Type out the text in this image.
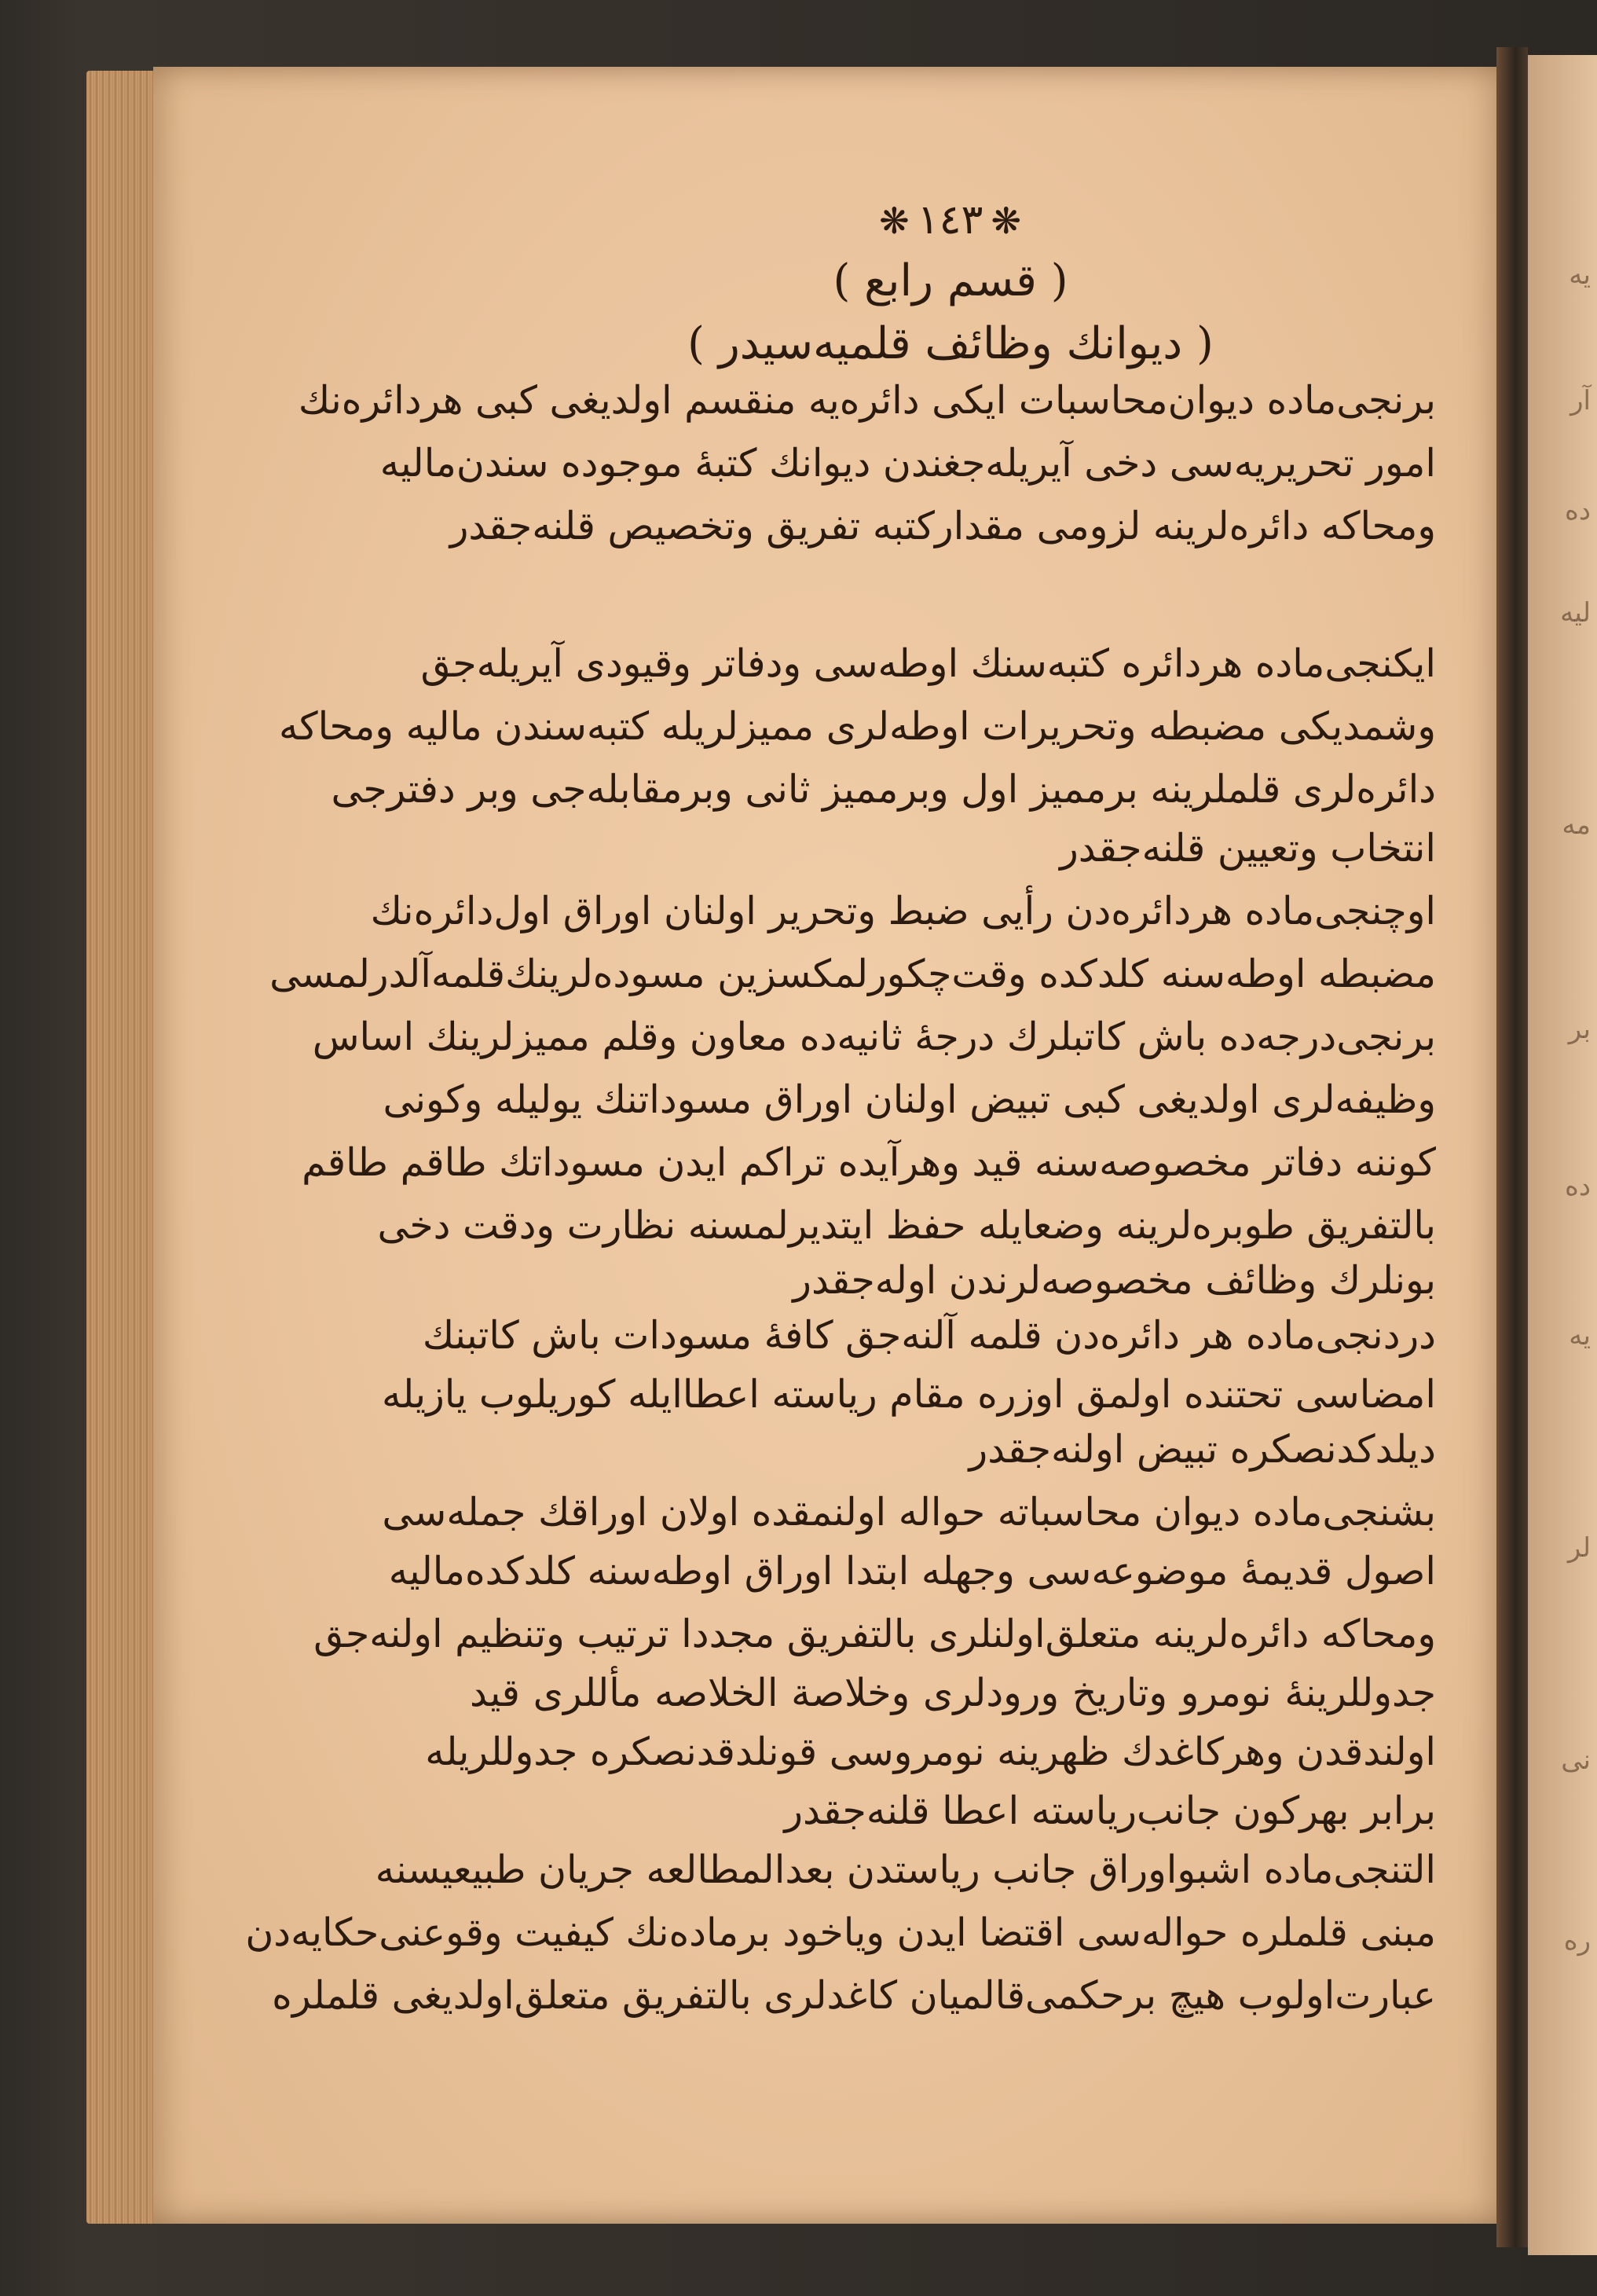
يه
آر
ده
ليه
مه
بر
ده
يه
لر
نى
ره
❋١٤٣❋
( قسم رابع )
( ديوانك وظائف قلميه‌سيدر )
برنجى‌ماده ديوان‌محاسبات ايكى دائره‌يه منقسم اولديغى كبى هردائره‌نك
امور تحريريه‌سى دخى آيريله‌جغندن ديوانك كتبهٔ موجوده سندن‌ماليه
ومحاكه دائره‌لرينه لزومى مقداركتبه تفريق وتخصيص قلنه‌جقدر
ايكنجى‌ماده هردائره كتبه‌سنك اوطه‌سى ودفاتر وقيودى آيريله‌جق
وشمديكى مضبطه وتحريرات اوطه‌لرى مميزلريله كتبه‌سندن ماليه ومحاكه
دائره‌لرى قلملرينه برمميز اول وبرمميز ثانى وبرمقابله‌جى وبر دفترجى
انتخاب وتعيين قلنه‌جقدر
اوچنجى‌ماده هردائره‌دن رأيى ضبط وتحرير اولنان اوراق اول‌دائره‌نك
مضبطه اوطه‌سنه كلدكده وقت‌چكورلمكسزين مسوده‌لرينك‌قلمه‌آلدرلمسى
برنجى‌درجه‌ده باش كاتبلرك درجهٔ ثانيه‌ده معاون وقلم مميزلرينك اساس
وظيفه‌لرى اولديغى كبى تبيض اولنان اوراق مسوداتنك يوليله وكونى
كوننه دفاتر مخصوصه‌سنه قيد وهرآيده تراكم ايدن مسوداتك طاقم طاقم
بالتفريق طوبره‌لرينه وضعايله حفظ ايتديرلمسنه نظارت ودقت دخى
بونلرك وظائف مخصوصه‌لرندن اوله‌جقدر
دردنجى‌ماده هر دائره‌دن قلمه آلنه‌جق كافهٔ مسودات باش كاتبنك
امضاسى تحتنده اولمق اوزره مقام رياسته اعطاايله كوريلوب يازيله
ديلدكدنصكره تبيض اولنه‌جقدر
بشنجى‌ماده ديوان محاسباته حواله اولنمقده اولان اوراقك جمله‌سى
اصول قديمهٔ موضوعه‌سى وجهله ابتدا اوراق اوطه‌سنه كلدكده‌ماليه
ومحاكه دائره‌لرينه متعلق‌اولنلرى بالتفريق مجددا ترتيب وتنظيم اولنه‌جق
جدوللرينهٔ نومرو وتاريخ ورودلرى وخلاصة الخلاصه مأللرى قيد
اولندقدن وهركاغدك ظهرينه نومروسى قونلدقدنصكره جدوللريله
برابر بهركون جانب‌رياسته اعطا قلنه‌جقدر
التنجى‌ماده اشبواوراق جانب رياستدن بعدالمطالعه جريان طبيعيسنه
مبنى قلملره حواله‌سى اقتضا ايدن وياخود برماده‌نك كيفيت وقوعنى‌حكايه‌دن
عبارت‌اولوب هيچ برحكمى‌قالميان كاغدلرى بالتفريق متعلق‌اولديغى قلملره
